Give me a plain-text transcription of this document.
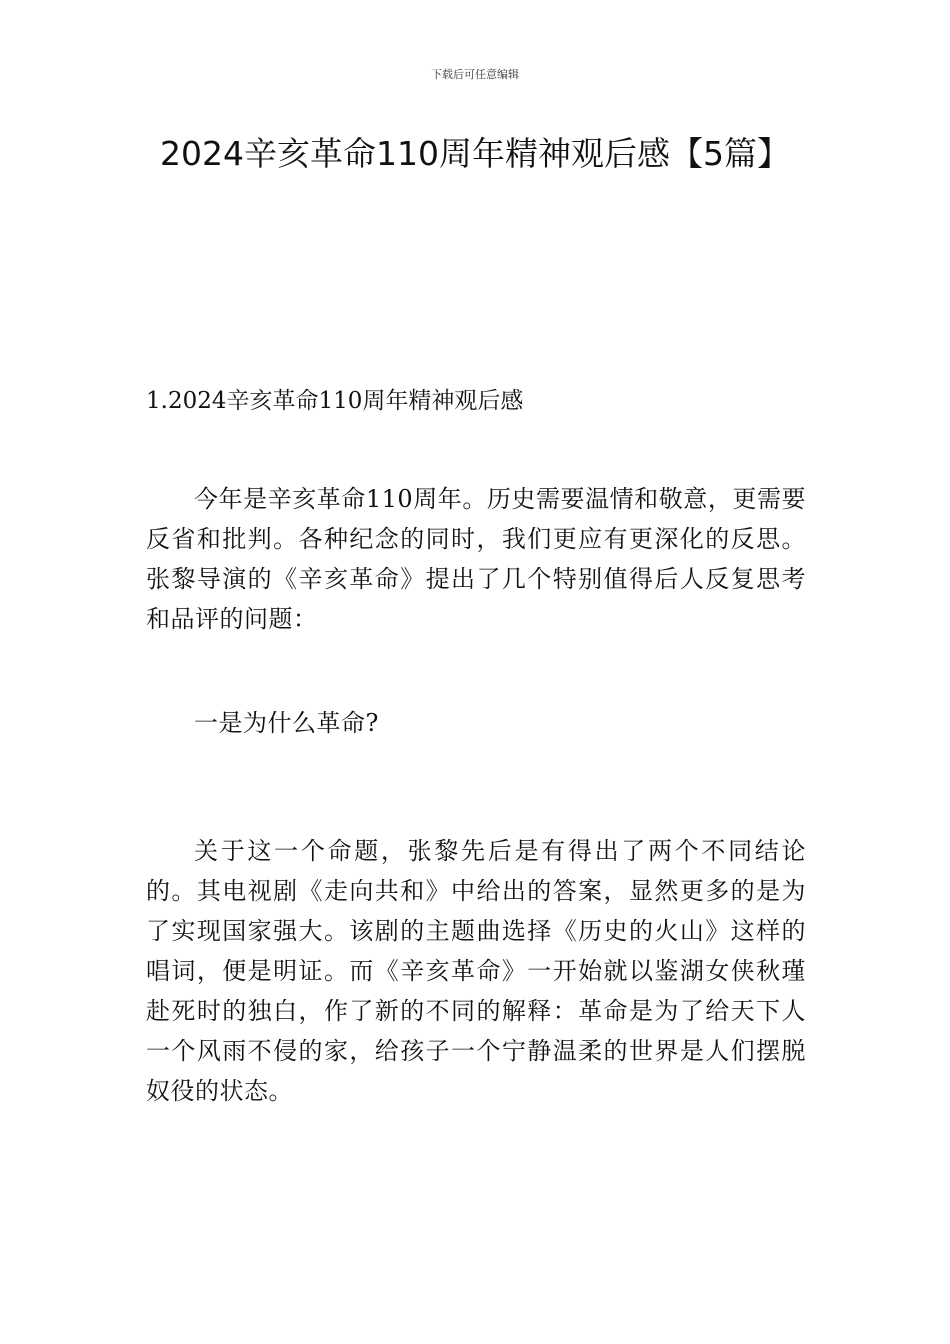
下载后可任意编辑
2024辛亥革命110周年精神观后感【5篇】
1.2024辛亥革命110周年精神观后感

今年是辛亥革命110周年。历史需要温情和敬意，更需要反省和批判。各种纪念的同时，我们更应有更深化的反思。张黎导演的《辛亥革命》提出了几个特别值得后人反复思考和品评的问题：

一是为什么革命?

关于这一个命题，张黎先后是有得出了两个不同结论的。其电视剧《走向共和》中给出的答案，显然更多的是为了实现国家强大。该剧的主题曲选择《历史的火山》这样的唱词，便是明证。而《辛亥革命》一开始就以鉴湖女侠秋瑾赴死时的独白，作了新的不同的解释：革命是为了给天下人一个风雨不侵的家，给孩子一个宁静温柔的世界是人们摆脱奴役的状态。
